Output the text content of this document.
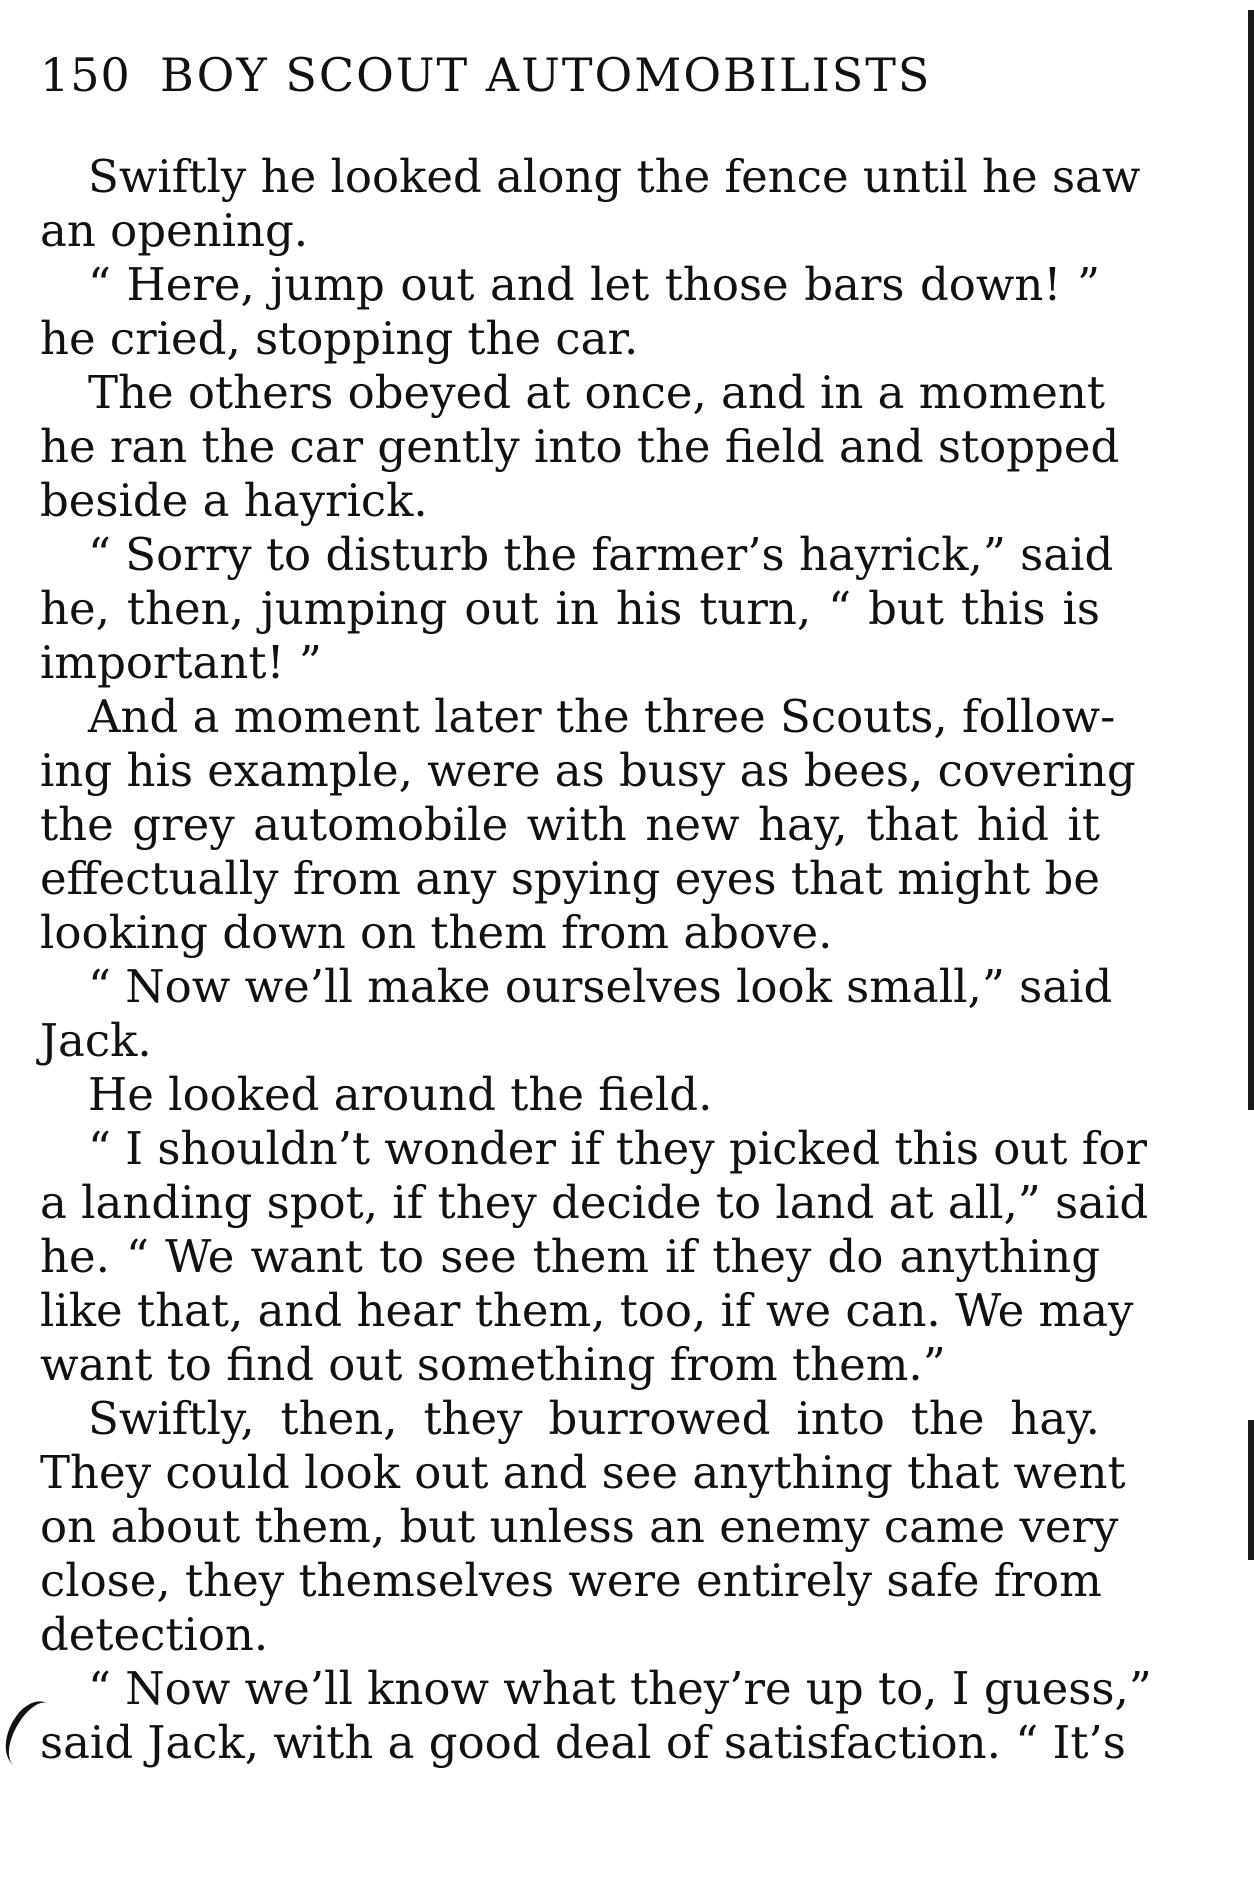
150 BOY SCOUT AUTOMOBILISTS
Swiftly he looked along the fence until he saw
an opening.
“ Here, jump out and let those bars down! ”
he cried, stopping the car.
The others obeyed at once, and in a moment
he ran the car gently into the field and stopped
beside a hayrick.
“ Sorry to disturb the farmer’s hayrick,” said
he, then, jumping out in his turn, “ but this is
important! ”
And a moment later the three Scouts, follow-
ing his example, were as busy as bees, covering
the grey automobile with new hay, that hid it
effectually from any spying eyes that might be
looking down on them from above.
“ Now we’ll make ourselves look small,” said
Jack.
He looked around the field.
“ I shouldn’t wonder if they picked this out for
a landing spot, if they decide to land at all,” said
he. “ We want to see them if they do anything
like that, and hear them, too, if we can. We may
want to find out something from them.”
Swiftly, then, they burrowed into the hay.
They could look out and see anything that went
on about them, but unless an enemy came very
close, they themselves were entirely safe from
detection.
“ Now we’ll know what they’re up to, I guess,”
said Jack, with a good deal of satisfaction. “ It’s
